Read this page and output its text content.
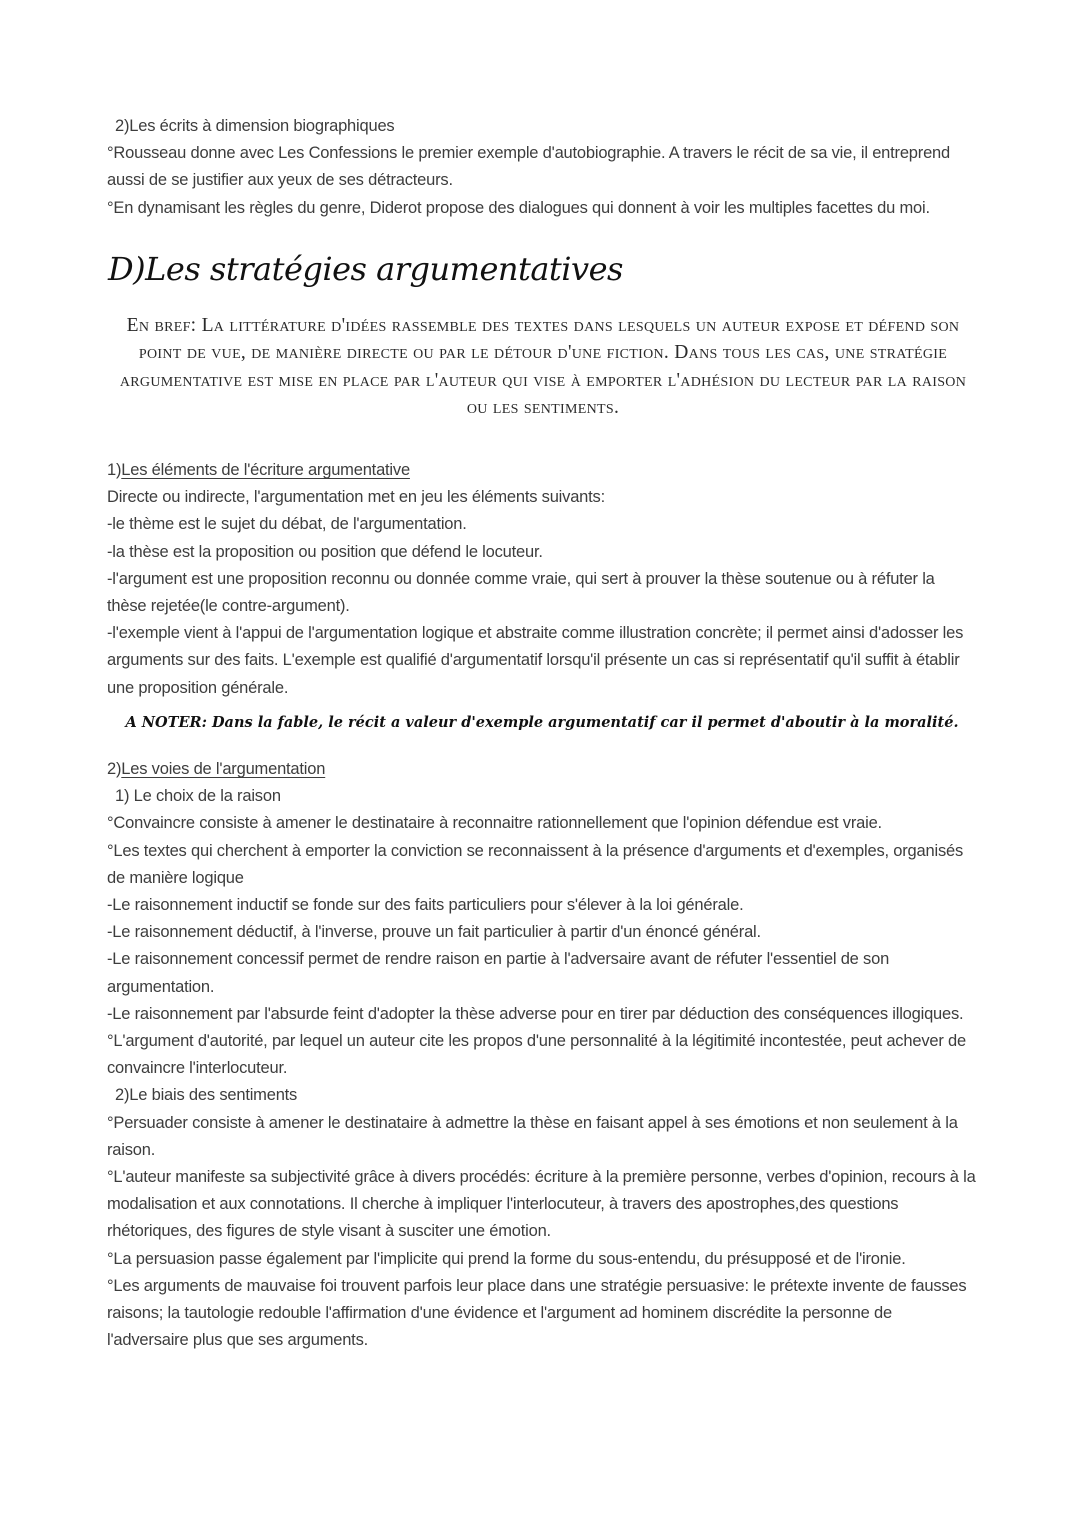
2)Les écrits à dimension biographiques

°Rousseau donne avec Les Confessions le premier exemple d'autobiographie. A travers le récit de sa vie, il entreprend aussi de se justifier aux yeux de ses détracteurs.

°En dynamisant les règles du genre, Diderot propose des dialogues qui donnent à voir les multiples facettes du moi.

D)Les stratégies argumentatives
En bref: La littérature d'idées rassemble des textes dans lesquels un auteur expose et défend son point de vue, de manière directe ou par le détour d'une fiction. Dans tous les cas, une stratégie argumentative est mise en place par l'auteur qui vise à emporter l'adhésion du lecteur par la raison ou les sentiments.

1)Les éléments de l'écriture argumentative

Directe ou indirecte, l'argumentation met en jeu les éléments suivants:

-le thème est le sujet du débat, de l'argumentation.

-la thèse est la proposition ou position que défend le locuteur.

-l'argument est une proposition reconnu ou donnée comme vraie, qui sert à prouver la thèse soutenue ou à réfuter la thèse rejetée(le contre-argument).

-l'exemple vient à l'appui de l'argumentation logique et abstraite comme illustration concrète; il permet ainsi d'adosser les arguments sur des faits. L'exemple est qualifié d'argumentatif lorsqu'il présente un cas si représentatif qu'il suffit à établir une proposition générale.

A NOTER: Dans la fable, le récit a valeur d'exemple argumentatif car il permet d'aboutir à la moralité.

2)Les voies de l'argumentation

1) Le choix de la raison

°Convaincre consiste à amener le destinataire à reconnaitre rationnellement que l'opinion défendue est vraie.

°Les textes qui cherchent à emporter la conviction se reconnaissent à la présence d'arguments et d'exemples, organisés de manière logique

-Le raisonnement inductif se fonde sur des faits particuliers pour s'élever à la loi générale.

-Le raisonnement déductif, à l'inverse, prouve un fait particulier à partir d'un énoncé général.

-Le raisonnement concessif permet de rendre raison en partie à l'adversaire avant de réfuter l'essentiel de son argumentation.

-Le raisonnement par l'absurde feint d'adopter la thèse adverse pour en tirer par déduction des conséquences illogiques.

°L'argument d'autorité, par lequel un auteur cite les propos d'une personnalité à la légitimité incontestée, peut achever de convaincre l'interlocuteur.

2)Le biais des sentiments

°Persuader consiste à amener le destinataire à admettre la thèse en faisant appel à ses émotions et non seulement à la raison.

°L'auteur manifeste sa subjectivité grâce à divers procédés: écriture à la première personne, verbes d'opinion, recours à la modalisation et aux connotations. Il cherche à impliquer l'interlocuteur, à travers des apostrophes,des questions rhétoriques, des figures de style visant à susciter une émotion.

°La persuasion passe également par l'implicite qui prend la forme du sous-entendu, du présupposé et de l'ironie.

°Les arguments de mauvaise foi trouvent parfois leur place dans une stratégie persuasive: le prétexte invente de fausses raisons; la tautologie redouble l'affirmation d'une évidence et l'argument ad hominem discrédite la personne de l'adversaire plus que ses arguments.
